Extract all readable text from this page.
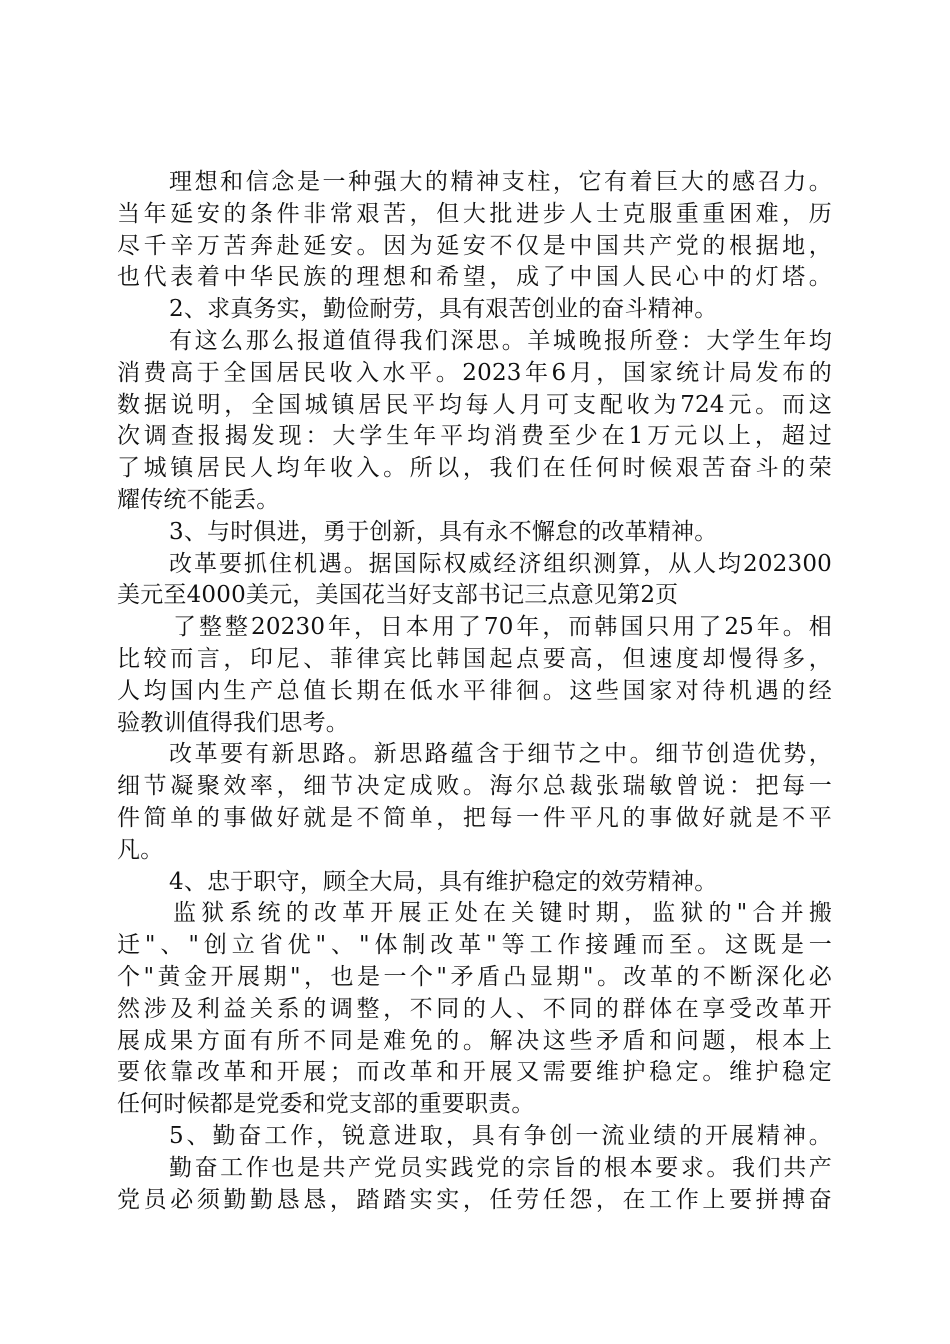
理想和信念是一种强大的精神支柱，它有着巨大的感召力。
当年延安的条件非常艰苦，但大批进步人士克服重重困难，历
尽千辛万苦奔赴延安。因为延安不仅是中国共产党的根据地，
也代表着中华民族的理想和希望，成了中国人民心中的灯塔。
2、求真务实，勤俭耐劳，具有艰苦创业的奋斗精神。
有这么那么报道值得我们深思。羊城晚报所登：大学生年均
消费高于全国居民收入水平。2023年6月，国家统计局发布的
数据说明，全国城镇居民平均每人月可支配收为724元。而这
次调查报揭发现：大学生年平均消费至少在1万元以上，超过
了城镇居民人均年收入。所以，我们在任何时候艰苦奋斗的荣
耀传统不能丢。
3、与时俱进，勇于创新，具有永不懈怠的改革精神。
改革要抓住机遇。据国际权威经济组织测算，从人均202300
美元至4000美元，美国花当好支部书记三点意见第2页
了整整20230年，日本用了70年，而韩国只用了25年。相
比较而言，印尼、菲律宾比韩国起点要高，但速度却慢得多，
人均国内生产总值长期在低水平徘徊。这些国家对待机遇的经
验教训值得我们思考。
改革要有新思路。新思路蕴含于细节之中。细节创造优势，
细节凝聚效率，细节决定成败。海尔总裁张瑞敏曾说：把每一
件简单的事做好就是不简单，把每一件平凡的事做好就是不平
凡。
4、忠于职守，顾全大局，具有维护稳定的效劳精神。
监狱系统的改革开展正处在关键时期，监狱的"合并搬
迁"、"创立省优"、"体制改革"等工作接踵而至。这既是一
个"黄金开展期"，也是一个"矛盾凸显期"。改革的不断深化必
然涉及利益关系的调整，不同的人、不同的群体在享受改革开
展成果方面有所不同是难免的。解决这些矛盾和问题，根本上
要依靠改革和开展；而改革和开展又需要维护稳定。维护稳定
任何时候都是党委和党支部的重要职责。
5、勤奋工作，锐意进取，具有争创一流业绩的开展精神。
勤奋工作也是共产党员实践党的宗旨的根本要求。我们共产
党员必须勤勤恳恳，踏踏实实，任劳任怨，在工作上要拼搏奋
